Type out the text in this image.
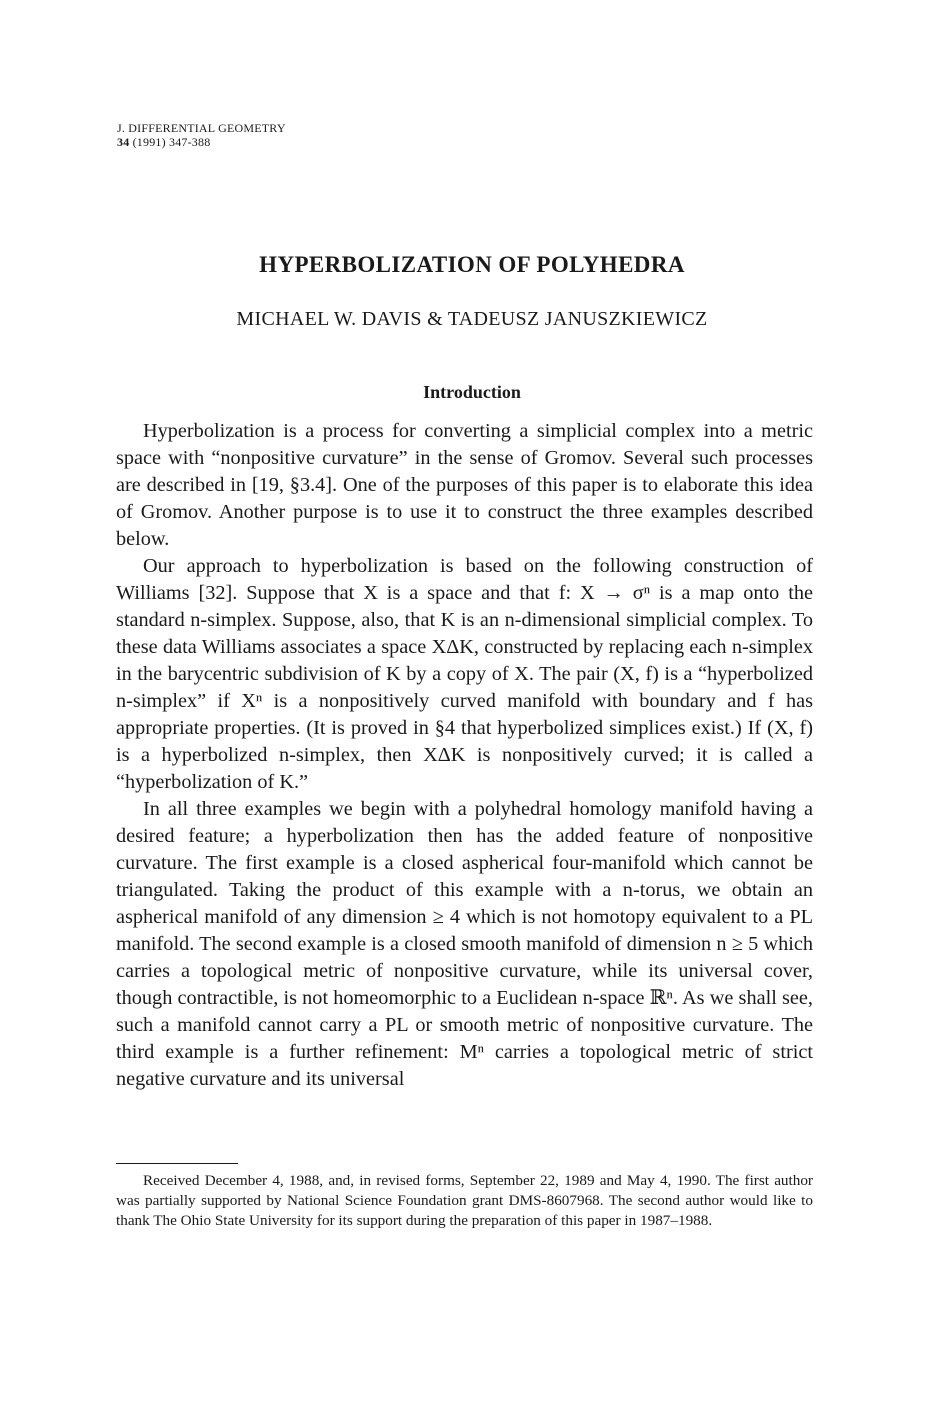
J. DIFFERENTIAL GEOMETRY
34 (1991) 347-388
HYPERBOLIZATION OF POLYHEDRA
MICHAEL W. DAVIS & TADEUSZ JANUSZKIEWICZ
Introduction

Hyperbolization is a process for converting a simplicial complex into a metric space with “nonpositive curvature” in the sense of Gromov. Several such processes are described in [19, §3.4]. One of the purposes of this paper is to elaborate this idea of Gromov. Another purpose is to use it to construct the three examples described below.

Our approach to hyperbolization is based on the following construction of Williams [32]. Suppose that X is a space and that f: X → σⁿ is a map onto the standard n-simplex. Suppose, also, that K is an n-dimensional simplicial complex. To these data Williams associates a space XΔK, constructed by replacing each n-simplex in the barycentric subdivision of K by a copy of X. The pair (X, f) is a “hyperbolized n-simplex” if Xⁿ is a nonpositively curved manifold with boundary and f has appropriate properties. (It is proved in §4 that hyperbolized simplices exist.) If (X, f) is a hyperbolized n-simplex, then XΔK is nonpositively curved; it is called a “hyperbolization of K.”

In all three examples we begin with a polyhedral homology manifold having a desired feature; a hyperbolization then has the added feature of nonpositive curvature. The first example is a closed aspherical four-manifold which cannot be triangulated. Taking the product of this example with a n-torus, we obtain an aspherical manifold of any dimension ≥ 4 which is not homotopy equivalent to a PL manifold. The second example is a closed smooth manifold of dimension n ≥ 5 which carries a topological metric of nonpositive curvature, while its universal cover, though contractible, is not homeomorphic to a Euclidean n-space ℝⁿ. As we shall see, such a manifold cannot carry a PL or smooth metric of nonpositive curvature. The third example is a further refinement: Mⁿ carries a topological metric of strict negative curvature and its universal

Received December 4, 1988, and, in revised forms, September 22, 1989 and May 4, 1990. The first author was partially supported by National Science Foundation grant DMS-8607968. The second author would like to thank The Ohio State University for its support during the preparation of this paper in 1987–1988.
